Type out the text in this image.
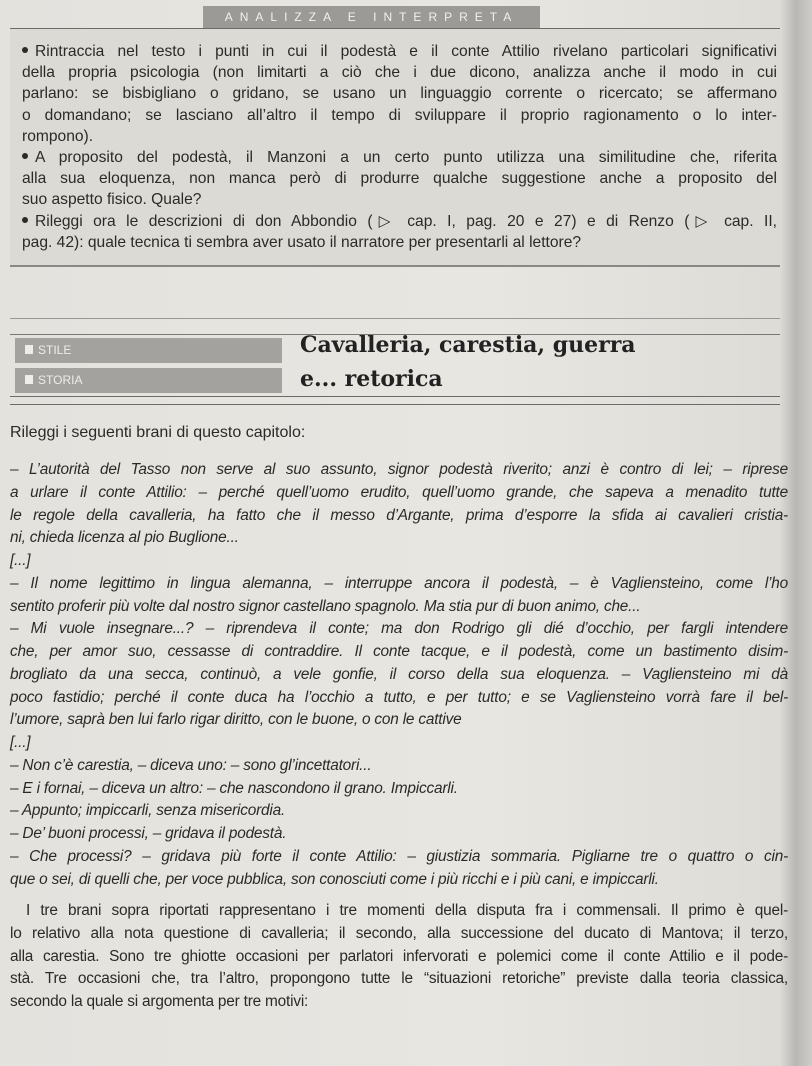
ANALIZZA E INTERPRETA
Rintraccia nel testo i punti in cui il podestà e il conte Attilio rivelano particolari significativi
della propria psicologia (non limitarti a ciò che i due dicono, analizza anche il modo in cui
parlano: se bisbigliano o gridano, se usano un linguaggio corrente o ricercato; se affermano
o domandano; se lasciano all’altro il tempo di sviluppare il proprio ragionamento o lo inter-
rompono).
A proposito del podestà, il Manzoni a un certo punto utilizza una similitudine che, riferita
alla sua eloquenza, non manca però di produrre qualche suggestione anche a proposito del
suo aspetto fisico. Quale?
Rileggi ora le descrizioni di don Abbondio (▷ cap. I, pag. 20 e 27) e di Renzo (▷ cap. II,
pag. 42): quale tecnica ti sembra aver usato il narratore per presentarli al lettore?
STILE
STORIA
Cavalleria, carestia, guerra
e... retorica
Rileggi i seguenti brani di questo capitolo:
– L’autorità del Tasso non serve al suo assunto, signor podestà riverito; anzi è contro di lei; – riprese
a urlare il conte Attilio: – perché quell’uomo erudito, quell’uomo grande, che sapeva a menadito tutte
le regole della cavalleria, ha fatto che il messo d’Argante, prima d’esporre la sfida ai cavalieri cristia-
ni, chieda licenza al pio Buglione...
[...]
– Il nome legittimo in lingua alemanna, – interruppe ancora il podestà, – è Vagliensteino, come l’ho
sentito proferir più volte dal nostro signor castellano spagnolo. Ma stia pur di buon animo, che...
– Mi vuole insegnare...? – riprendeva il conte; ma don Rodrigo gli dié d’occhio, per fargli intendere
che, per amor suo, cessasse di contraddire. Il conte tacque, e il podestà, come un bastimento disim-
brogliato da una secca, continuò, a vele gonfie, il corso della sua eloquenza. – Vagliensteino mi dà
poco fastidio; perché il conte duca ha l’occhio a tutto, e per tutto; e se Vagliensteino vorrà fare il bel-
l’umore, saprà ben lui farlo rigar diritto, con le buone, o con le cattive
[...]
– Non c’è carestia, – diceva uno: – sono gl’incettatori...
– E i fornai, – diceva un altro: – che nascondono il grano. Impiccarli.
– Appunto; impiccarli, senza misericordia.
– De’ buoni processi, – gridava il podestà.
– Che processi? – gridava più forte il conte Attilio: – giustizia sommaria. Pigliarne tre o quattro o cin-
que o sei, di quelli che, per voce pubblica, son conosciuti come i più ricchi e i più cani, e impiccarli.
I tre brani sopra riportati rappresentano i tre momenti della disputa fra i commensali. Il primo è quel-
lo relativo alla nota questione di cavalleria; il secondo, alla successione del ducato di Mantova; il terzo,
alla carestia. Sono tre ghiotte occasioni per parlatori infervorati e polemici come il conte Attilio e il pode-
stà. Tre occasioni che, tra l’altro, propongono tutte le “situazioni retoriche” previste dalla teoria classica,
secondo la quale si argomenta per tre motivi:
